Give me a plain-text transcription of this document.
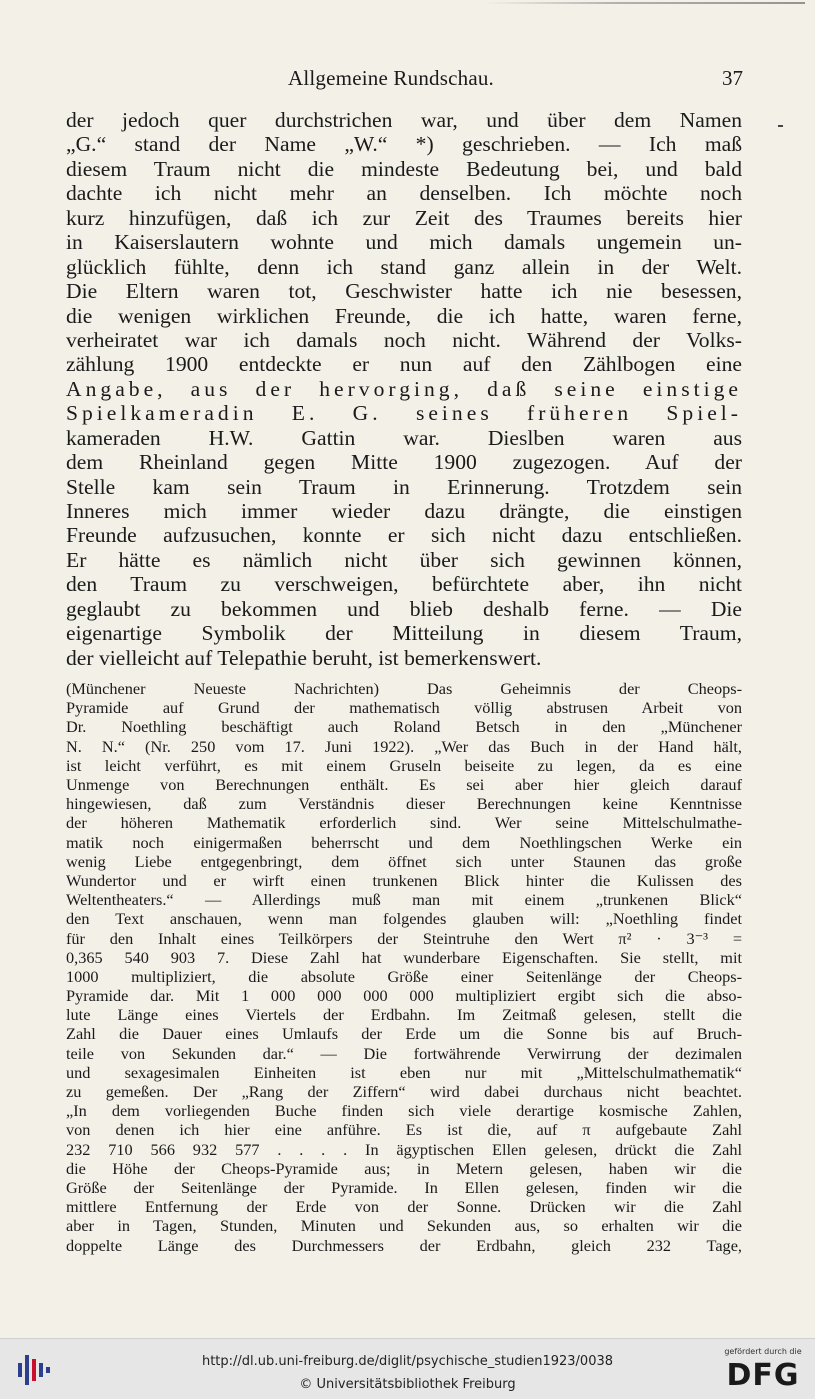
Allgemeine Rundschau.	37
der jedoch quer durchstrichen war, und über dem Namen
„G.“ stand der Name „W.“ *) geschrieben. — Ich maß
diesem Traum nicht die mindeste Bedeutung bei, und bald
dachte ich nicht mehr an denselben. Ich möchte noch
kurz hinzufügen, daß ich zur Zeit des Traumes bereits hier
in Kaiserslautern wohnte und mich damals ungemein un-
glücklich fühlte, denn ich stand ganz allein in der Welt.
Die Eltern waren tot, Geschwister hatte ich nie besessen,
die wenigen wirklichen Freunde, die ich hatte, waren ferne,
verheiratet war ich damals noch nicht. Während der Volks-
zählung 1900 entdeckte er nun auf den Zählbogen eine
Angabe, aus der hervorging, daß seine einstige
Spielkameradin E. G. seines früheren Spiel-
kameraden H.W. Gattin war. Dieslben waren aus
dem Rheinland gegen Mitte 1900 zugezogen. Auf der
Stelle kam sein Traum in Erinnerung. Trotzdem sein
Inneres mich immer wieder dazu drängte, die einstigen
Freunde aufzusuchen, konnte er sich nicht dazu entschließen.
Er hätte es nämlich nicht über sich gewinnen können,
den Traum zu verschweigen, befürchtete aber, ihn nicht
geglaubt zu bekommen und blieb deshalb ferne. — Die
eigenartige Symbolik der Mitteilung in diesem Traum,
der vielleicht auf Telepathie beruht, ist bemerkenswert.
(Münchener Neueste Nachrichten) Das Geheimnis der Cheops-
Pyramide auf Grund der mathematisch völlig abstrusen Arbeit von
Dr. Noethling beschäftigt auch Roland Betsch in den „Münchener
N. N.“ (Nr. 250 vom 17. Juni 1922). „Wer das Buch in der Hand hält,
ist leicht verführt, es mit einem Gruseln beiseite zu legen, da es eine
Unmenge von Berechnungen enthält. Es sei aber hier gleich darauf
hingewiesen, daß zum Verständnis dieser Berechnungen keine Kenntnisse
der höheren Mathematik erforderlich sind. Wer seine Mittelschulmathe-
matik noch einigermaßen beherrscht und dem Noethlingschen Werke ein
wenig Liebe entgegenbringt, dem öffnet sich unter Staunen das große
Wundertor und er wirft einen trunkenen Blick hinter die Kulissen des
Weltentheaters.“ — Allerdings muß man mit einem „trunkenen Blick“
den Text anschauen, wenn man folgendes glauben will: „Noethling findet
für den Inhalt eines Teilkörpers der Steintruhe den Wert π² · 3⁻³ =
0,365 540 903 7. Diese Zahl hat wunderbare Eigenschaften. Sie stellt, mit
1000 multipliziert, die absolute Größe einer Seitenlänge der Cheops-
Pyramide dar. Mit 1 000 000 000 000 multipliziert ergibt sich die abso-
lute Länge eines Viertels der Erdbahn. Im Zeitmaß gelesen, stellt die
Zahl die Dauer eines Umlaufs der Erde um die Sonne bis auf Bruch-
teile von Sekunden dar.“ — Die fortwährende Verwirrung der dezimalen
und sexagesimalen Einheiten ist eben nur mit „Mittelschulmathematik“
zu gemeßen. Der „Rang der Ziffern“ wird dabei durchaus nicht beachtet.
„In dem vorliegenden Buche finden sich viele derartige kosmische Zahlen,
von denen ich hier eine anführe. Es ist die, auf π aufgebaute Zahl
232 710 566 932 577 . . . . In ägyptischen Ellen gelesen, drückt die Zahl
die Höhe der Cheops-Pyramide aus; in Metern gelesen, haben wir die
Größe der Seitenlänge der Pyramide. In Ellen gelesen, finden wir die
mittlere Entfernung der Erde von der Sonne. Drücken wir die Zahl
aber in Tagen, Stunden, Minuten und Sekunden aus, so erhalten wir die
doppelte Länge des Durchmessers der Erdbahn, gleich 232 Tage,
http://dl.ub.uni-freiburg.de/diglit/psychische_studien1923/0038
© Universitätsbibliothek Freiburg
gefördert durch die
DFG
